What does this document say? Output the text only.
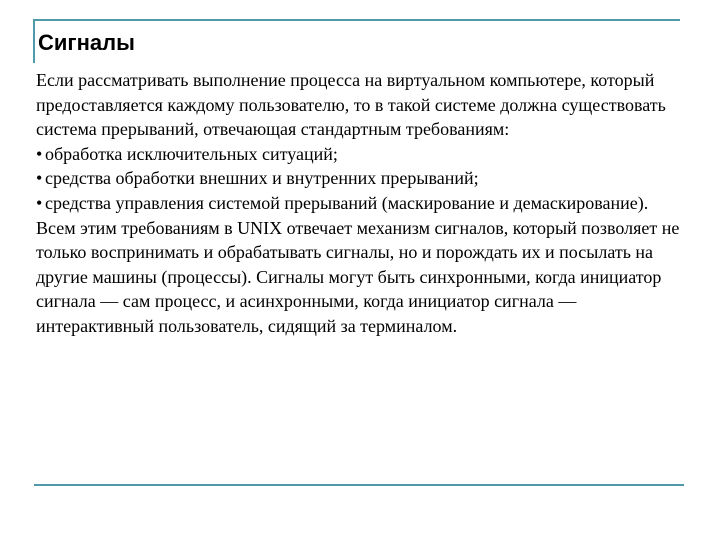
Сигналы

Если рассматривать выполнение процесса на виртуальном компьютере, который предоставляется каждому пользователю, то в такой системе должна существовать система прерываний, отвечающая стандартным требованиям:

• обработка исключительных ситуаций;
• средства обработки внешних и внутренних прерываний;
• средства управления системой прерываний (маскирование и демаскирование).

Всем этим требованиям в UNIX отвечает механизм сигналов, который позволяет не только воспринимать и обрабатывать сигналы, но и порождать их и посылать на другие машины (процессы). Сигналы могут быть синхронными, когда инициатор сигнала — сам процесс, и асинхронными, когда инициатор сигнала — интерактивный пользователь, сидящий за терминалом.
